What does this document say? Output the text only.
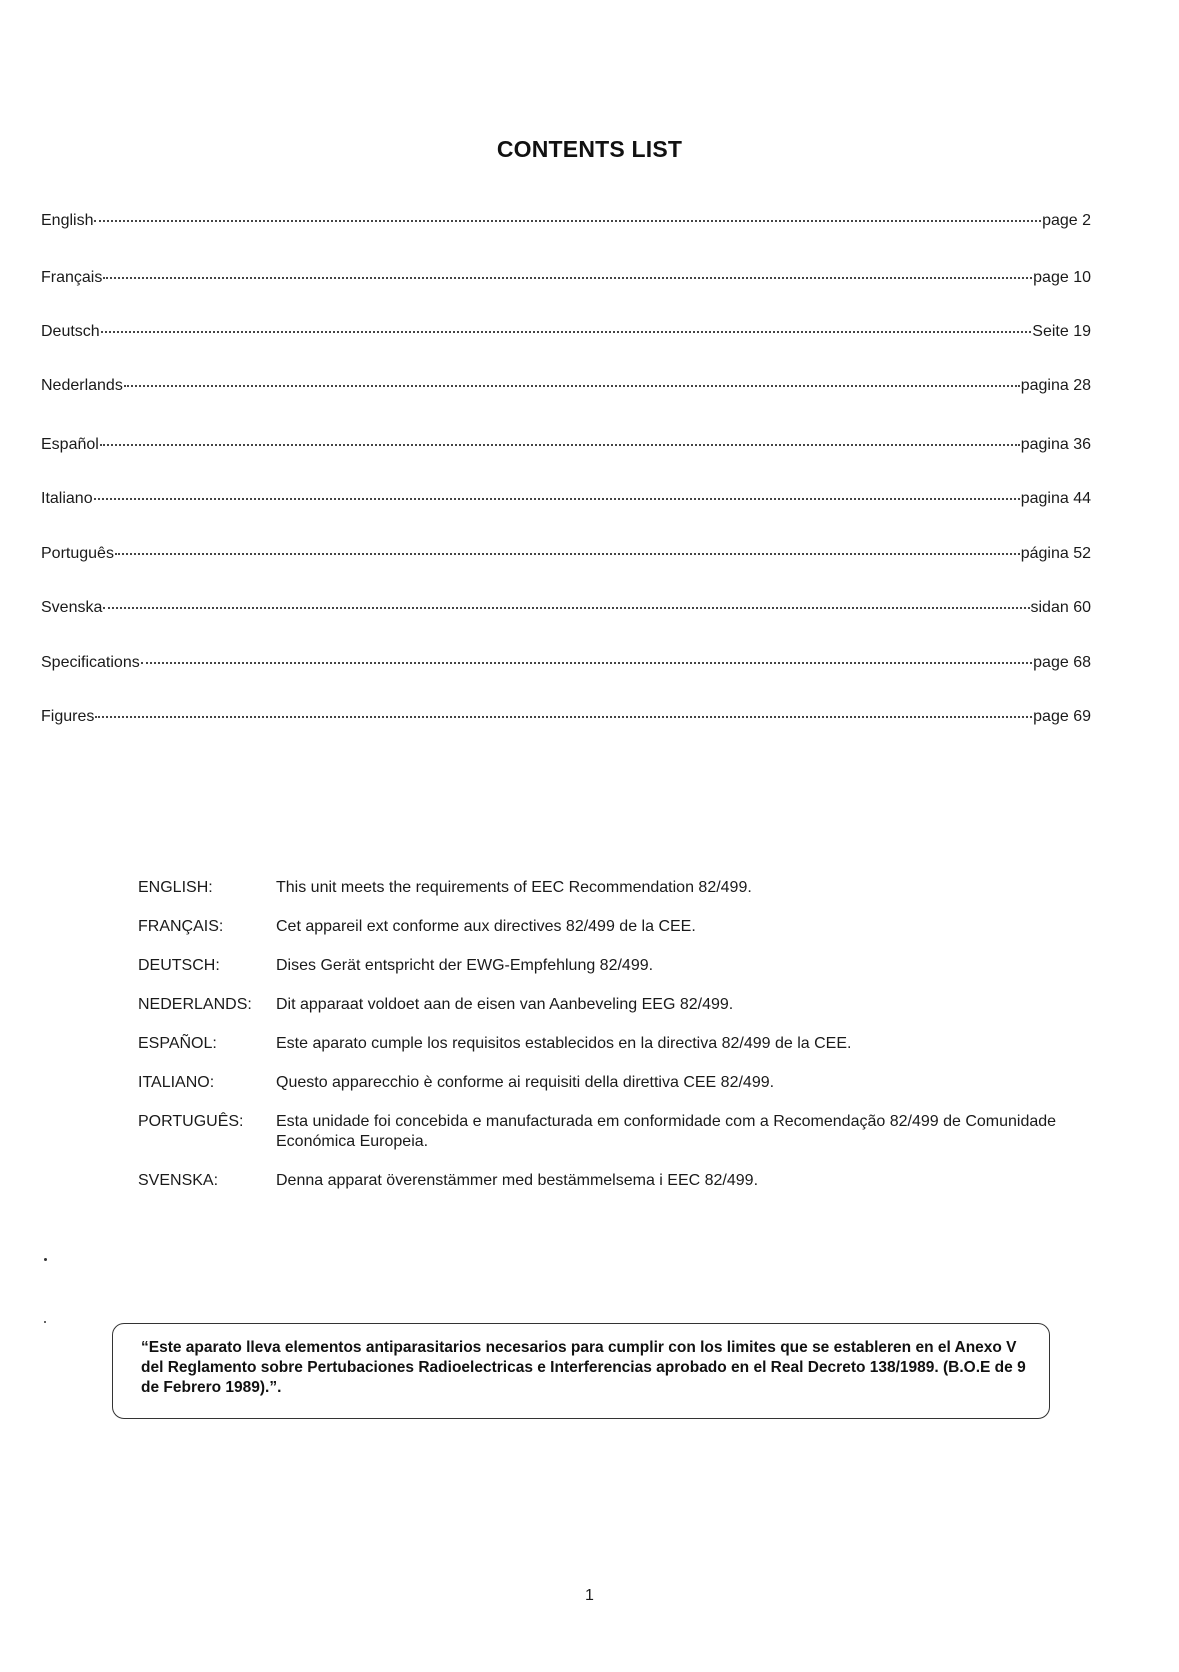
CONTENTS LIST
English	page 2
Français	page 10
Deutsch	Seite 19
Nederlands	pagina 28
Español	pagina 36
Italiano	pagina 44
Português	página 52
Svenska	sidan 60
Specifications	page 68
Figures	page 69
ENGLISH:	This unit meets the requirements of EEC Recommendation 82/499.
FRANÇAIS:	Cet appareil ext conforme aux directives 82/499 de la CEE.
DEUTSCH:	Dises Gerät entspricht der EWG-Empfehlung 82/499.
NEDERLANDS:	Dit apparaat voldoet aan de eisen van Aanbeveling EEG 82/499.
ESPAÑOL:	Este aparato cumple los requisitos establecidos en la directiva 82/499 de la CEE.
ITALIANO:	Questo apparecchio è conforme ai requisiti della direttiva CEE 82/499.
PORTUGUÊS:	Esta unidade foi concebida e manufacturada em conformidade com a Recomendação 82/499 de Comunidade Económica Europeia.
SVENSKA:	Denna apparat överenstämmer med bestämmelsema i EEC 82/499.
“Este aparato lleva elementos antiparasitarios necesarios para cumplir con los limites que se estableren en el Anexo V del Reglamento sobre Pertubaciones Radioelectricas e Interferencias aprobado en el Real Decreto 138/1989. (B.O.E de 9 de Febrero 1989).”.
1
